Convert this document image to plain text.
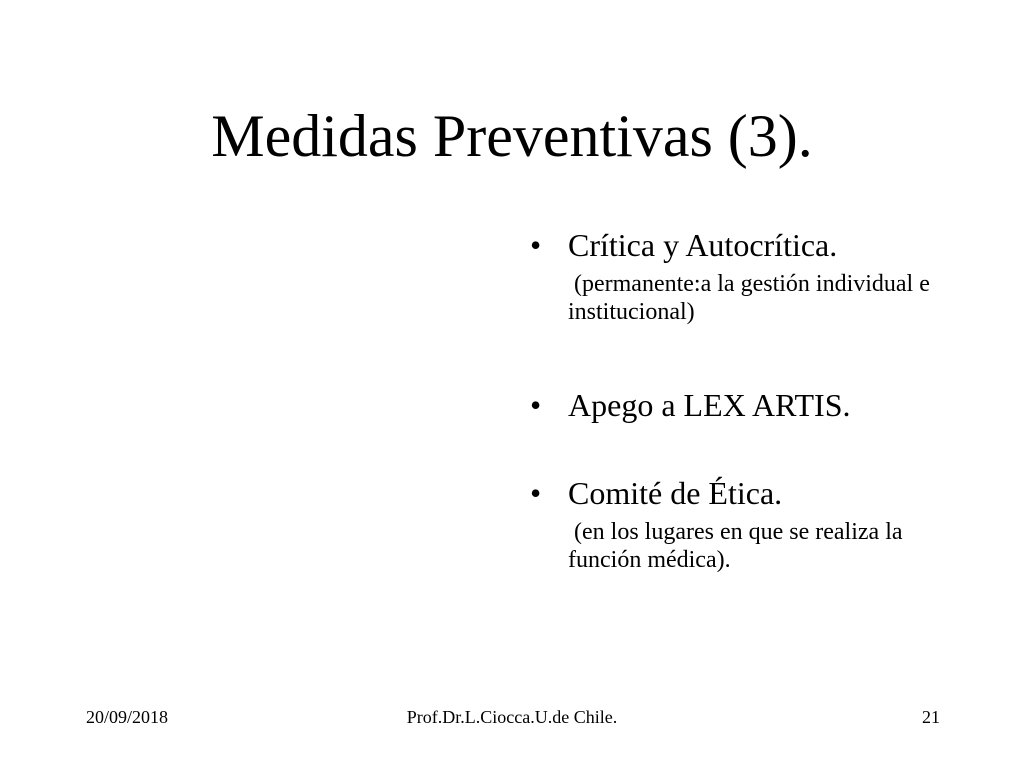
Medidas Preventivas (3).
• Crítica y Autocrítica.
(permanente:a la gestión individual e institucional)
• Apego a LEX ARTIS.
• Comité de Ética.
(en los lugares en que se realiza la función médica).
Prof.Dr.L.Ciocca.U.de Chile.
20/09/2018	21
